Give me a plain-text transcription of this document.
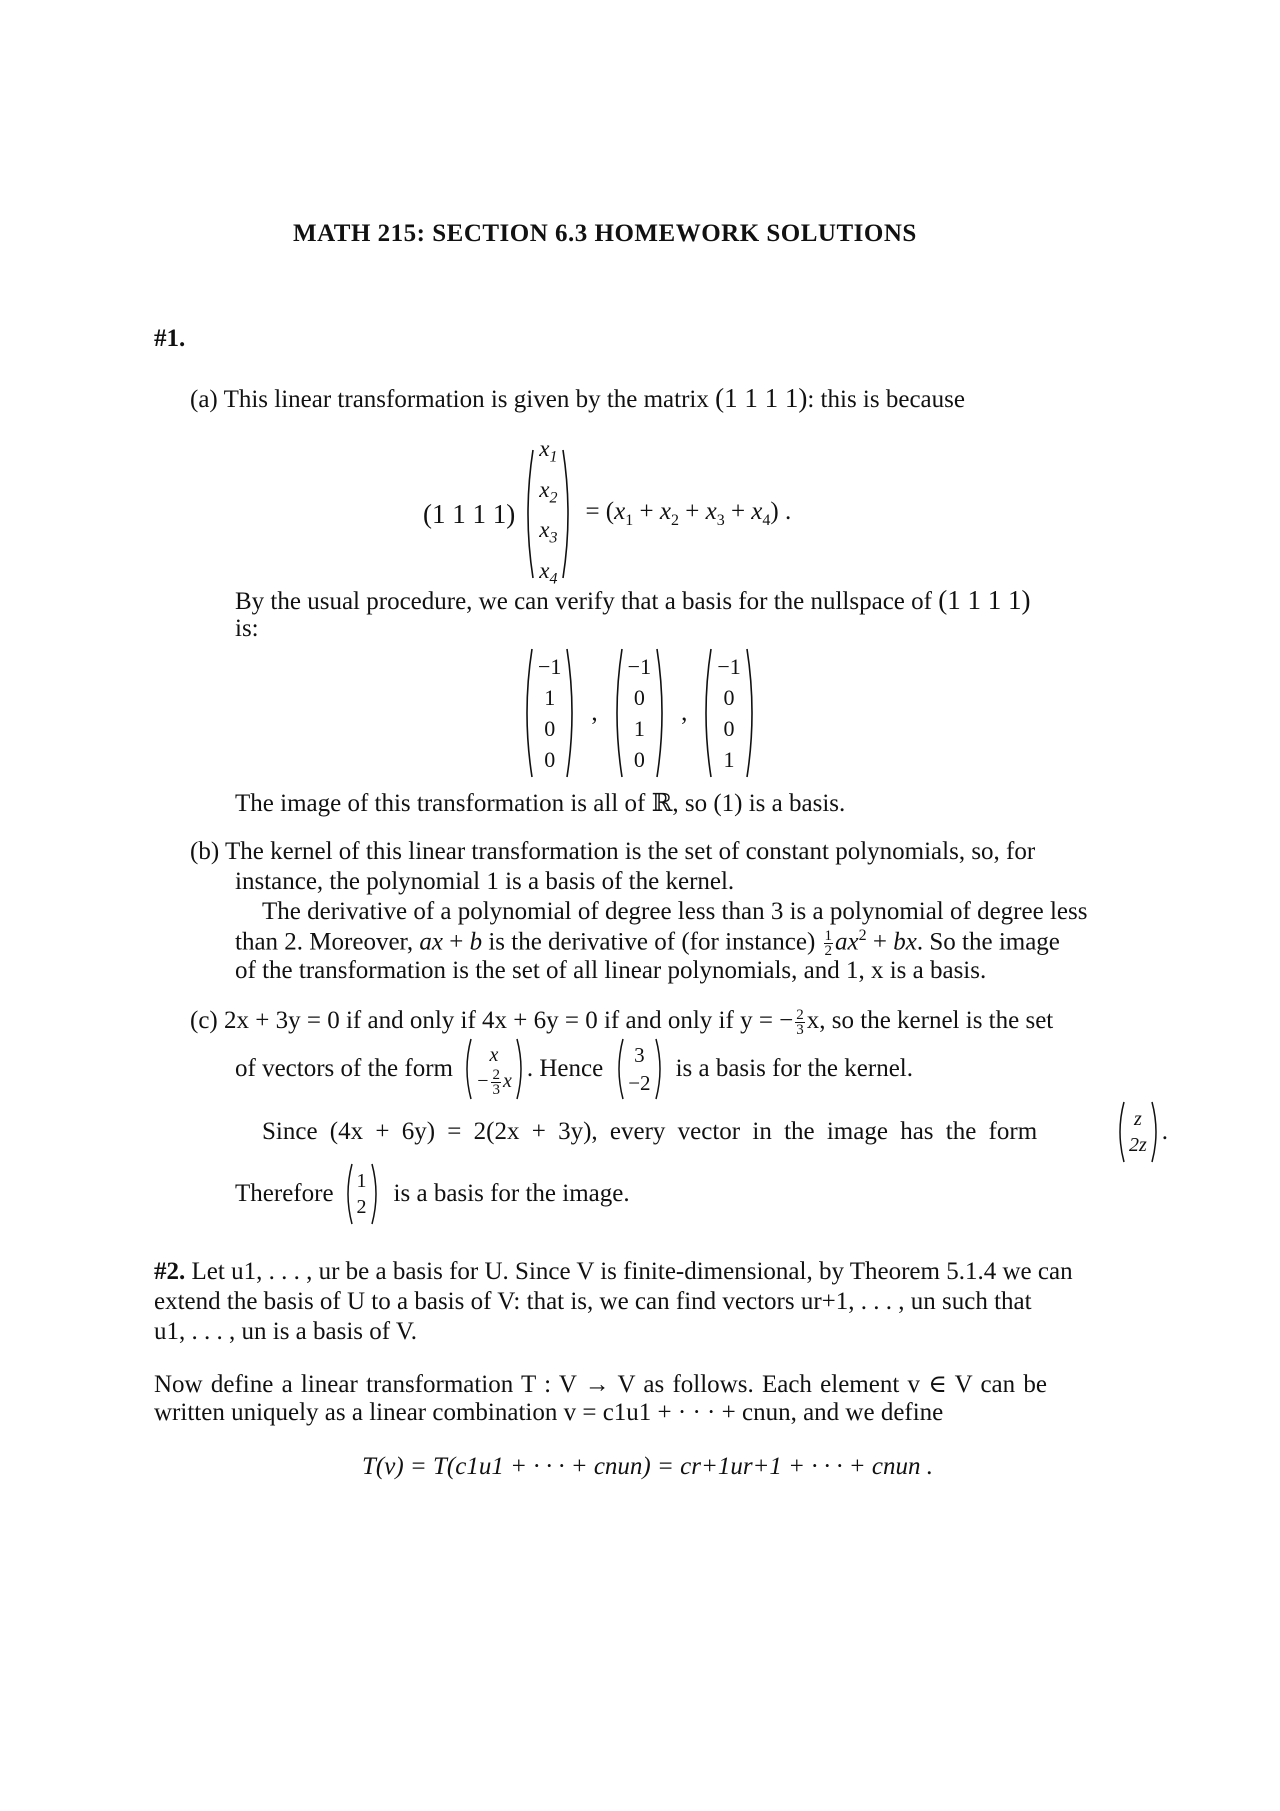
MATH 215: SECTION 6.3 HOMEWORK SOLUTIONS
#1.
(a) This linear transformation is given by the matrix (1 1 1 1): this is because
(1 1 1 1)
$x_1$
$x_2$
$x_3$
$x_4$
= $(x_1 + x_2 + x_3 + x_4)$ .
By the usual procedure, we can verify that a basis for the nullspace of (1 1 1 1)
is:
−1
1
0
0
,
−1
0
1
0
,
−1
0
0
1
The image of this transformation is all of ℝ, so (1) is a basis.
(b) The kernel of this linear transformation is the set of constant polynomials, so, for
instance, the polynomial 1 is a basis of the kernel.
The derivative of a polynomial of degree less than 3 is a polynomial of degree less
than 2. Moreover, ax + b is the derivative of (for instance) $\frac{1}{2} ax^2$ + bx. So the image
of the transformation is the set of all linear polynomials, and 1, x is a basis.
(c) 2x + 3y = 0 if and only if 4x + 6y = 0 if and only if y = − $\frac{2}{3} x$, so the kernel is the set
of vectors of the form
x
− $\frac{2}{3}$ x . Hence 3
−2
is a basis for the kernel.
Since (4x + 6y) = 2(2x + 3y), every vector in the image has the form	z
2z .
Therefore 1
2 is a basis for the image.
#2. Let u1, . . . , ur be a basis for U. Since V is finite-dimensional, by Theorem 5.1.4 we can
extend the basis of U to a basis of V: that is, we can find vectors ur+1, . . . , un such that
u1, . . . , un is a basis of V.
Now define a linear transformation T : V → V as follows. Each element v ∈ V can be
written uniquely as a linear combination v = c1u1 + · · · + cnun, and we define
T(v) = T(c1u1 + · · · + cnun) = cr+1ur+1 + · · · + cnun .
